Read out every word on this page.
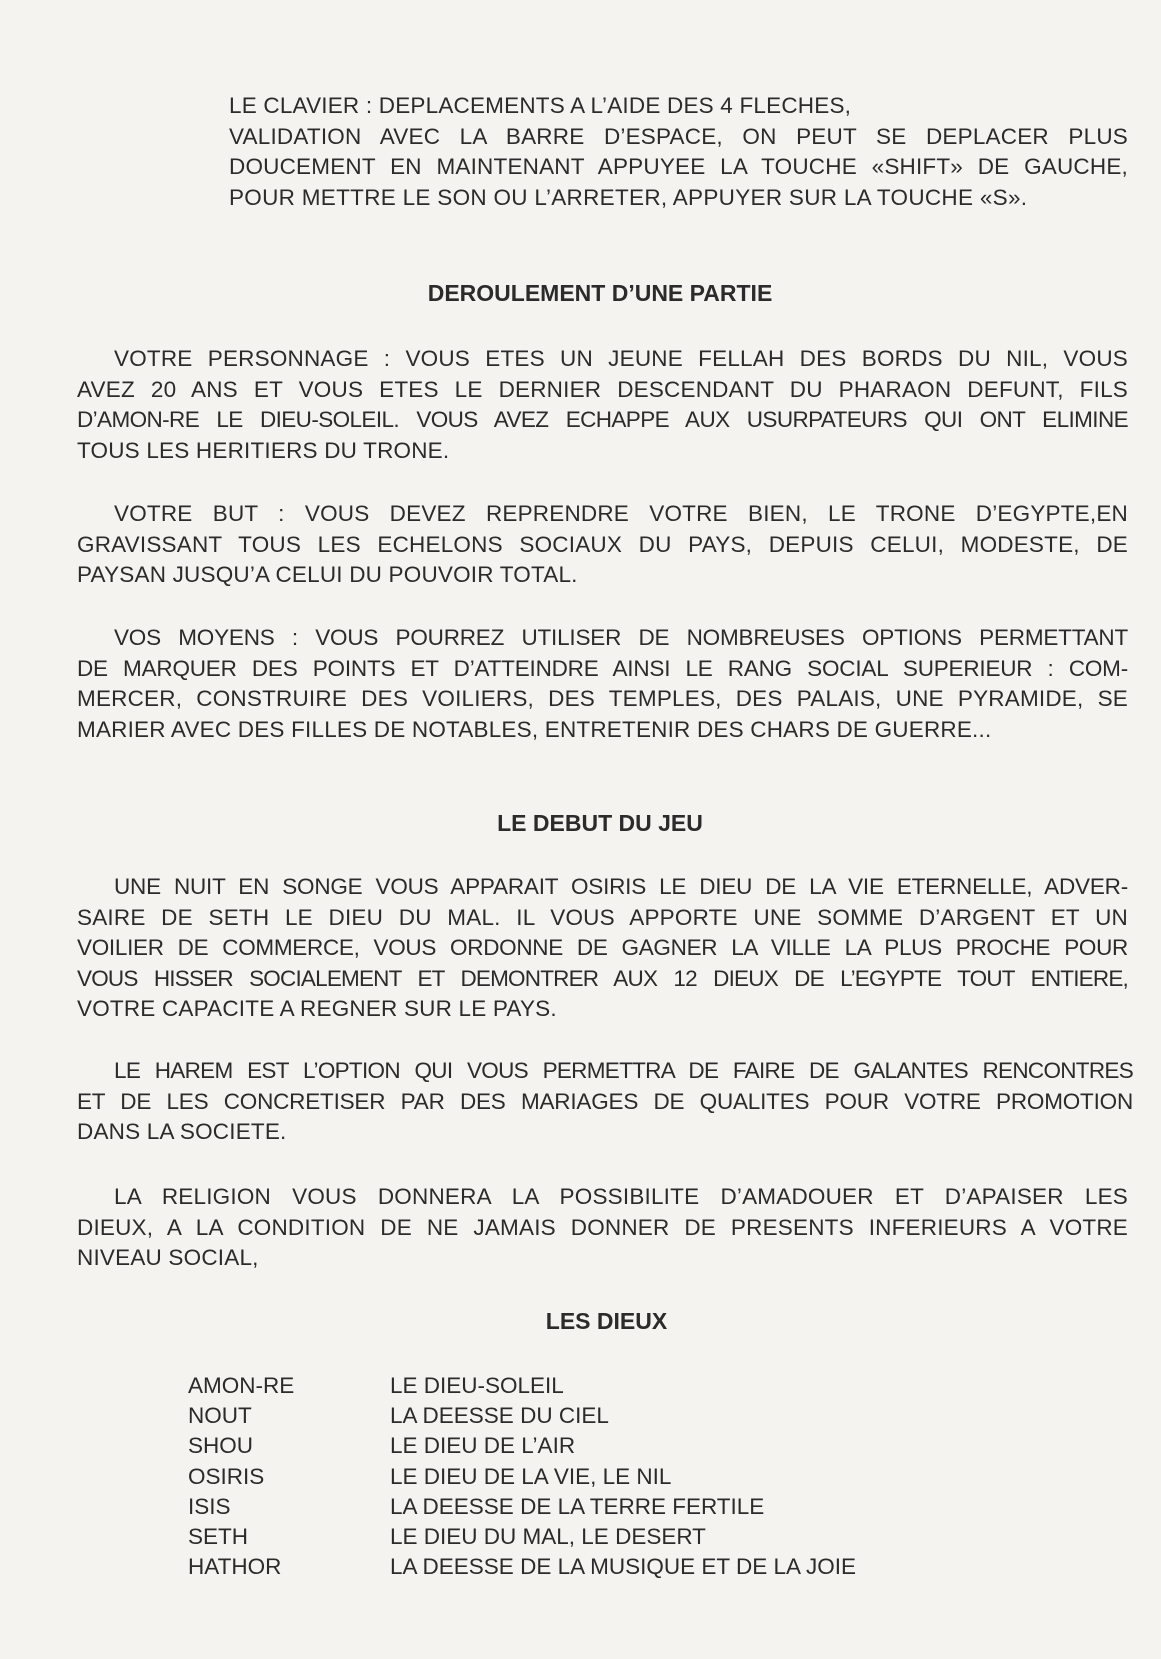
LE CLAVIER : DEPLACEMENTS A L’AIDE DES 4 FLECHES,
VALIDATION AVEC LA BARRE D’ESPACE, ON PEUT SE DEPLACER PLUS
DOUCEMENT EN MAINTENANT APPUYEE LA TOUCHE «SHIFT» DE GAUCHE,
POUR METTRE LE SON OU L’ARRETER, APPUYER SUR LA TOUCHE «S».
DEROULEMENT D’UNE PARTIE
VOTRE PERSONNAGE : VOUS ETES UN JEUNE FELLAH DES BORDS DU NIL, VOUS
AVEZ 20 ANS ET VOUS ETES LE DERNIER DESCENDANT DU PHARAON DEFUNT, FILS
D’AMON-RE LE DIEU-SOLEIL. VOUS AVEZ ECHAPPE AUX USURPATEURS QUI ONT ELIMINE
TOUS LES HERITIERS DU TRONE.
VOTRE BUT : VOUS DEVEZ REPRENDRE VOTRE BIEN, LE TRONE D’EGYPTE,EN
GRAVISSANT TOUS LES ECHELONS SOCIAUX DU PAYS, DEPUIS CELUI, MODESTE, DE
PAYSAN JUSQU’A CELUI DU POUVOIR TOTAL.
VOS MOYENS : VOUS POURREZ UTILISER DE NOMBREUSES OPTIONS PERMETTANT
DE MARQUER DES POINTS ET D’ATTEINDRE AINSI LE RANG SOCIAL SUPERIEUR : COM-
MERCER, CONSTRUIRE DES VOILIERS, DES TEMPLES, DES PALAIS, UNE PYRAMIDE, SE
MARIER AVEC DES FILLES DE NOTABLES, ENTRETENIR DES CHARS DE GUERRE...
LE DEBUT DU JEU
UNE NUIT EN SONGE VOUS APPARAIT OSIRIS LE DIEU DE LA VIE ETERNELLE, ADVER-
SAIRE DE SETH LE DIEU DU MAL. IL VOUS APPORTE UNE SOMME D’ARGENT ET UN
VOILIER DE COMMERCE, VOUS ORDONNE DE GAGNER LA VILLE LA PLUS PROCHE POUR
VOUS HISSER SOCIALEMENT ET DEMONTRER AUX 12 DIEUX DE L’EGYPTE TOUT ENTIERE,
VOTRE CAPACITE A REGNER SUR LE PAYS.
LE HAREM EST L’OPTION QUI VOUS PERMETTRA DE FAIRE DE GALANTES RENCONTRES
ET DE LES CONCRETISER PAR DES MARIAGES DE QUALITES POUR VOTRE PROMOTION
DANS LA SOCIETE.
LA RELIGION VOUS DONNERA LA POSSIBILITE D’AMADOUER ET D’APAISER LES
DIEUX, A LA CONDITION DE NE JAMAIS DONNER DE PRESENTS INFERIEURS A VOTRE
NIVEAU SOCIAL,
LES DIEUX
AMON-RE	LE DIEU-SOLEIL
NOUT	LA DEESSE DU CIEL
SHOU	LE DIEU DE L’AIR
OSIRIS	LE DIEU DE LA VIE, LE NIL
ISIS	LA DEESSE DE LA TERRE FERTILE
SETH	LE DIEU DU MAL, LE DESERT
HATHOR	LA DEESSE DE LA MUSIQUE ET DE LA JOIE
